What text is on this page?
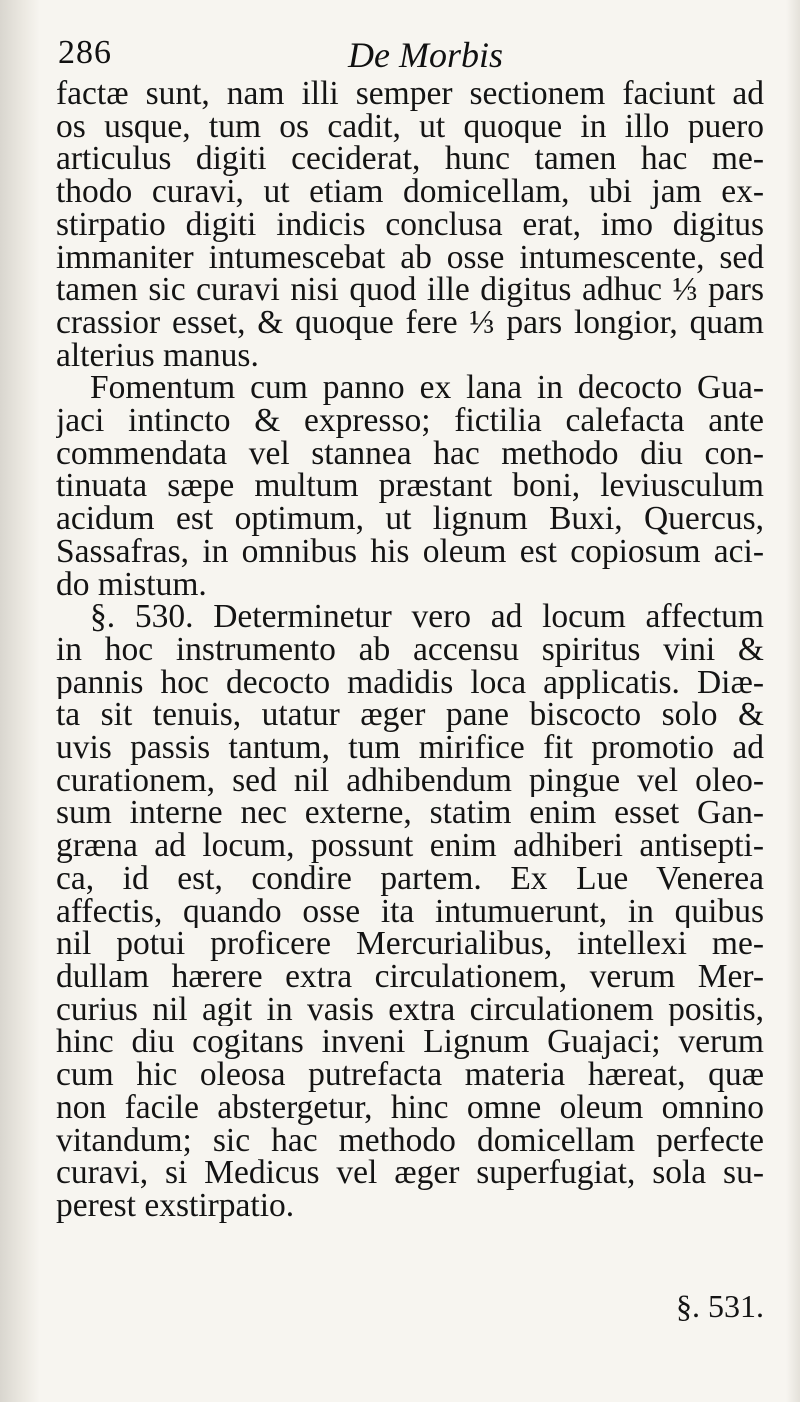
286	De Morbis
factæ sunt, nam illi semper sectionem faciunt ad
os usque, tum os cadit, ut quoque in illo puero
articulus digiti ceciderat, hunc tamen hac me-
thodo curavi, ut etiam domicellam, ubi jam ex-
stirpatio digiti indicis conclusa erat, imo digitus
immaniter intumescebat ab osse intumescente, sed
tamen sic curavi nisi quod ille digitus adhuc ⅓ pars
crassior esset, & quoque fere ⅓ pars longior, quam
alterius manus.
Fomentum cum panno ex lana in decocto Gua-
jaci intincto & expresso; fictilia calefacta ante
commendata vel stannea hac methodo diu con-
tinuata sæpe multum præstant boni, leviusculum
acidum est optimum, ut lignum Buxi, Quercus,
Sassafras, in omnibus his oleum est copiosum aci-
do mistum.
§. 530. Determinetur vero ad locum affectum
in hoc instrumento ab accensu spiritus vini &
pannis hoc decocto madidis loca applicatis. Diæ-
ta sit tenuis, utatur æger pane biscocto solo &
uvis passis tantum, tum mirifice fit promotio ad
curationem, sed nil adhibendum pingue vel oleo-
sum interne nec externe, statim enim esset Gan-
græna ad locum, possunt enim adhiberi antisepti-
ca, id est, condire partem. Ex Lue Venerea
affectis, quando osse ita intumuerunt, in quibus
nil potui proficere Mercurialibus, intellexi me-
dullam hærere extra circulationem, verum Mer-
curius nil agit in vasis extra circulationem positis,
hinc diu cogitans inveni Lignum Guajaci; verum
cum hic oleosa putrefacta materia hæreat, quæ
non facile abstergetur, hinc omne oleum omnino
vitandum; sic hac methodo domicellam perfecte
curavi, si Medicus vel æger superfugiat, sola su-
perest exstirpatio.
§. 531.
